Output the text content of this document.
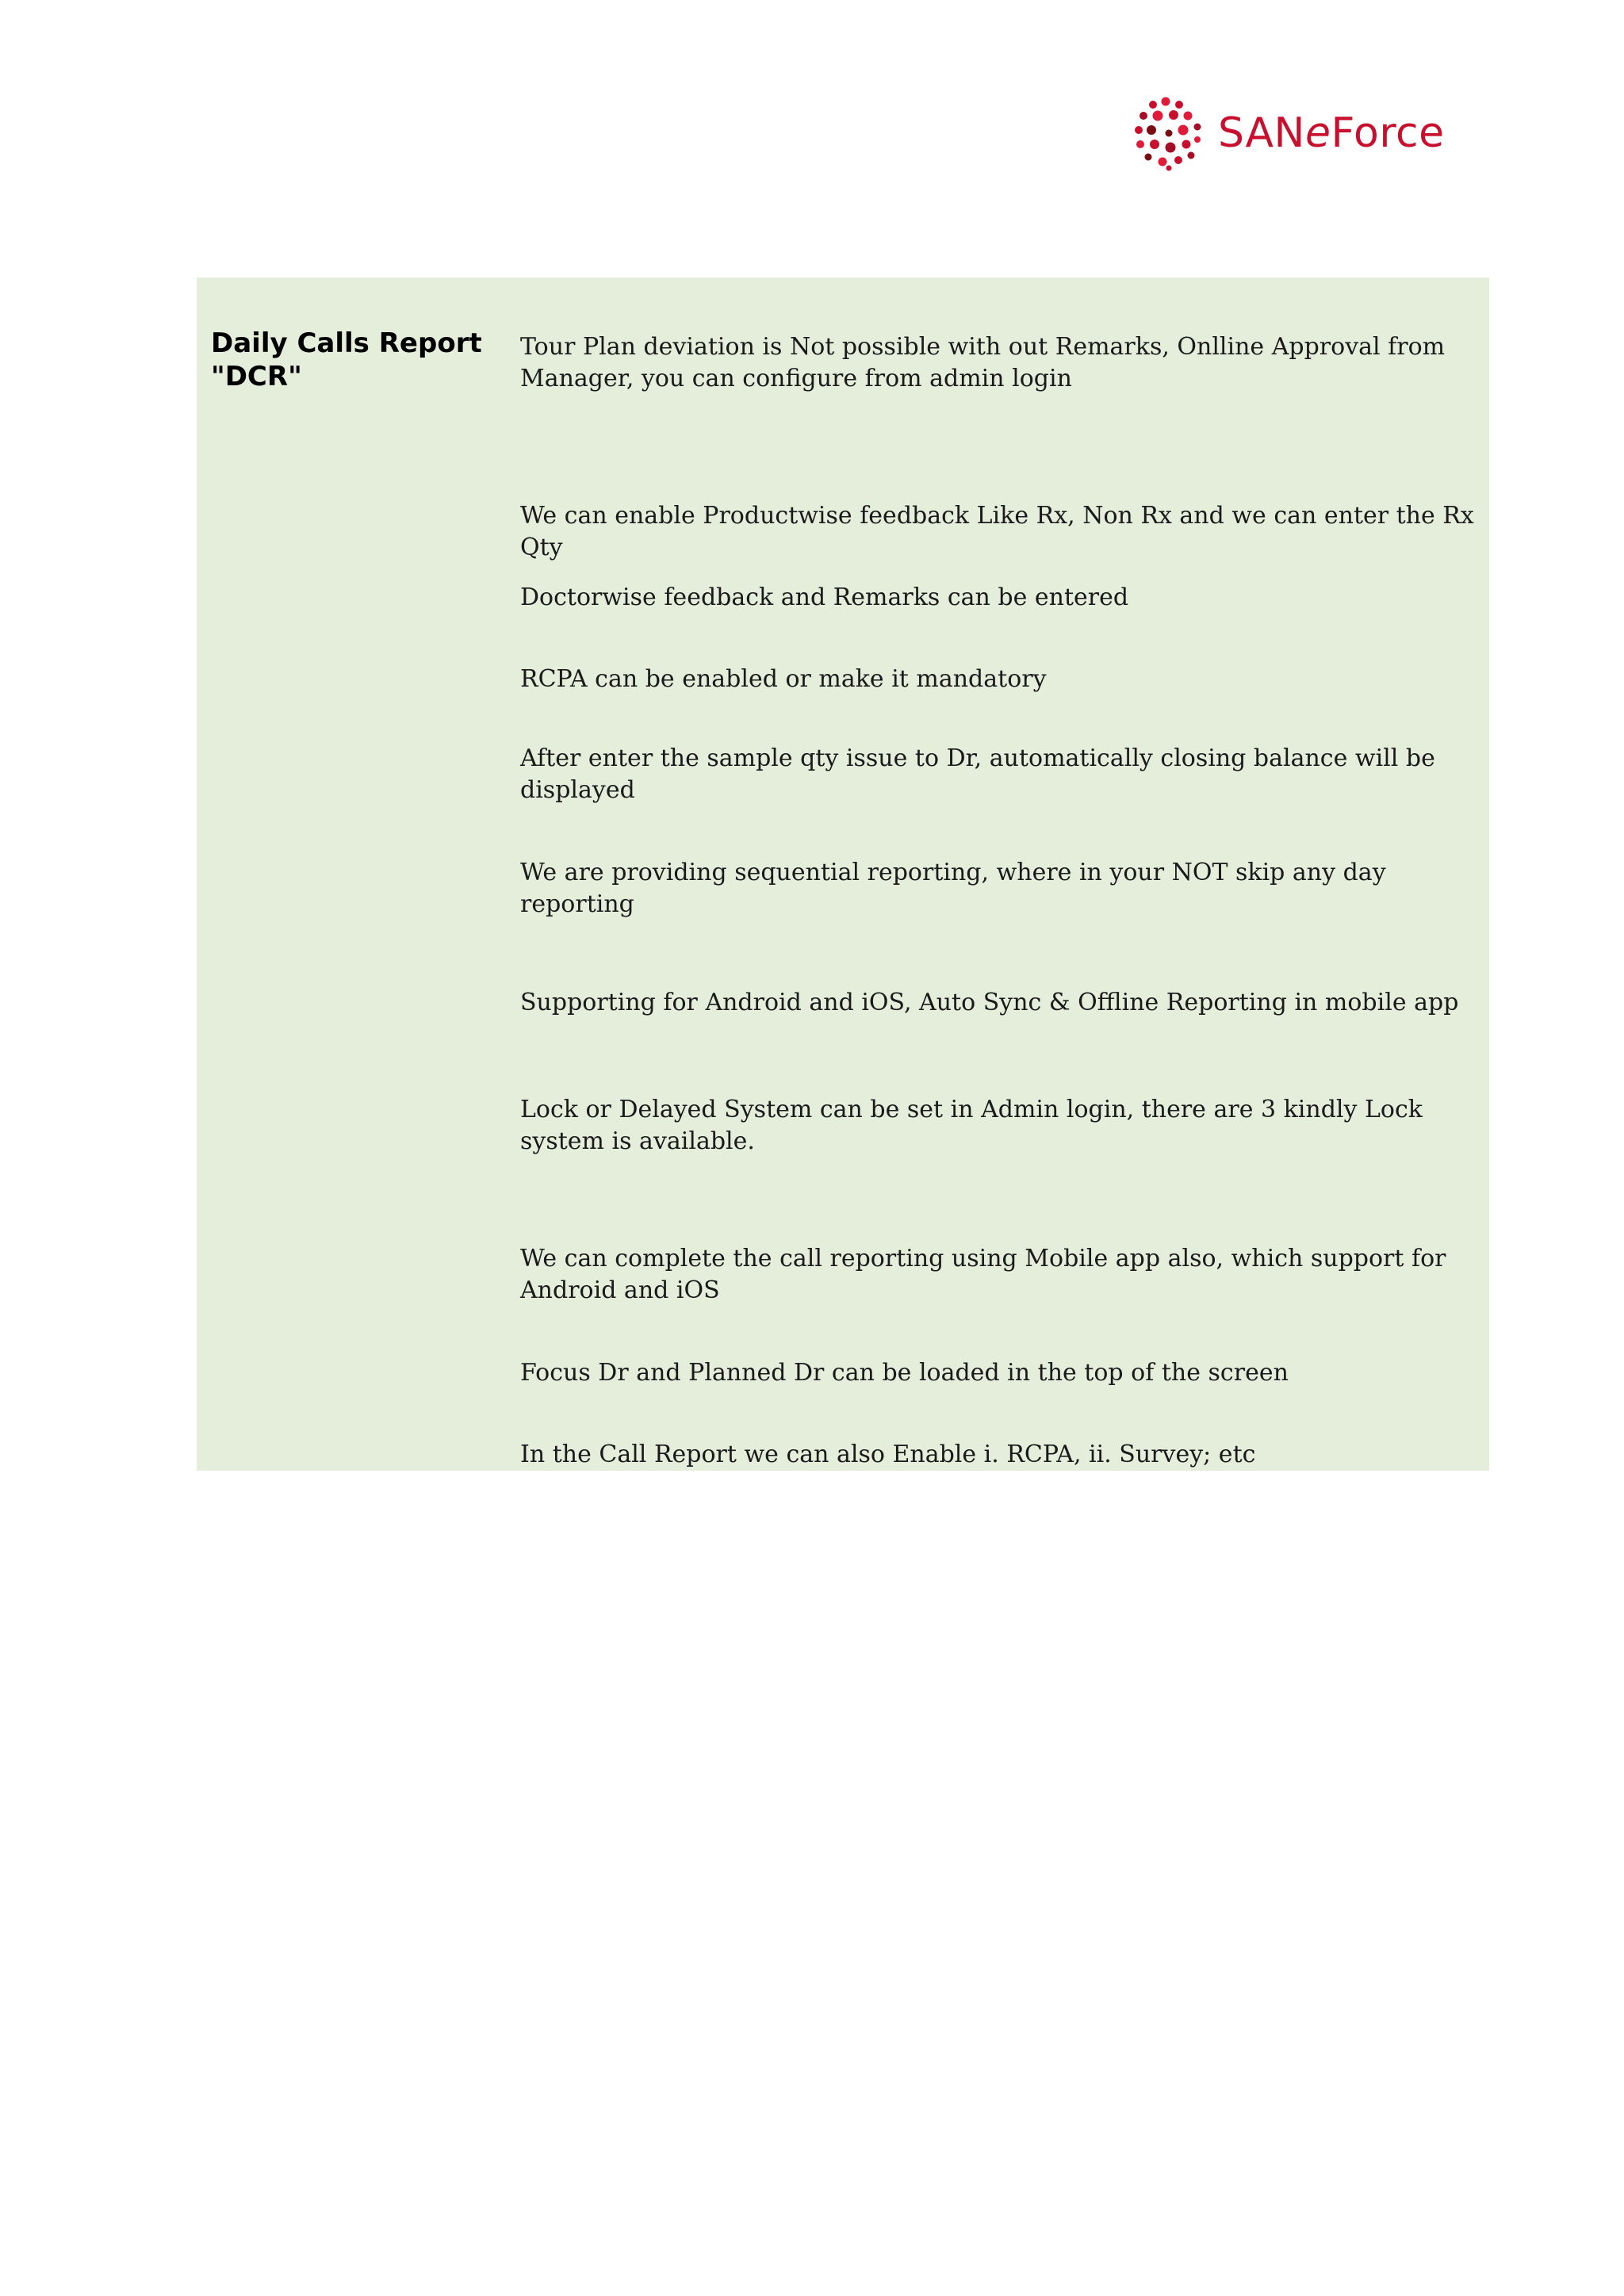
SANeForce
Daily Calls Report
"DCR"

Tour Plan deviation is Not possible with out Remarks, Onlline Approval from Manager, you can configure from admin login

We can enable Productwise feedback Like Rx, Non Rx and we can enter the Rx Qty

Doctorwise feedback and Remarks can be entered

RCPA can be enabled or make it mandatory

After enter the sample qty issue to Dr, automatically closing balance will be displayed

We are providing sequential reporting, where in your NOT skip any day reporting

Supporting for Android and iOS, Auto Sync & Offline Reporting in mobile app

Lock or Delayed System can be set in Admin login, there are 3 kindly Lock system is available.

We can complete the call reporting using Mobile app also, which support for Android and iOS

Focus Dr and Planned Dr can be loaded in the top of the screen

In the Call Report we can also Enable i. RCPA, ii. Survey; etc
